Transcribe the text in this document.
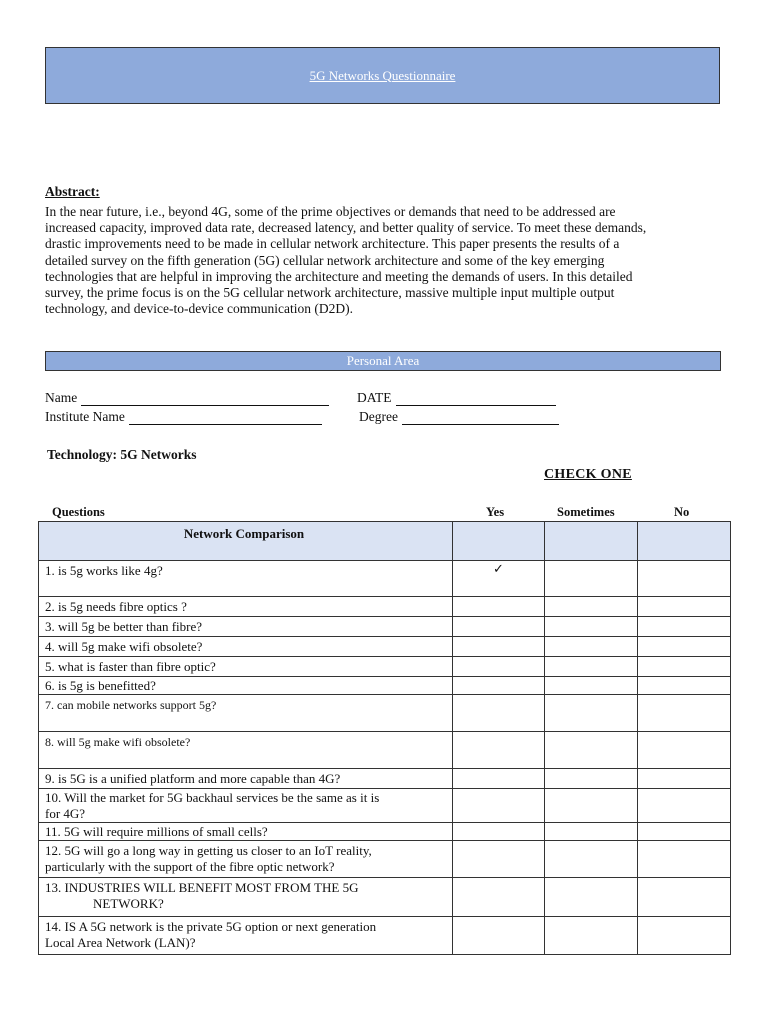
5G Networks Questionnaire
Abstract:

In the near future, i.e., beyond 4G, some of the prime objectives or demands that need to be addressed are
increased capacity, improved data rate, decreased latency, and better quality of service. To meet these demands,
drastic improvements need to be made in cellular network architecture. This paper presents the results of a
detailed survey on the fifth generation (5G) cellular network architecture and some of the key emerging
technologies that are helpful in improving the architecture and meeting the demands of users. In this detailed
survey, the prime focus is on the 5G cellular network architecture, massive multiple input multiple output
technology, and device-to-device communication (D2D).

Personal Area
Name	DATE
Institute Name	Degree
Technology: 5G Networks
CHECK ONE
Questions	Yes	Sometimes	No
Network Comparison			
1. is 5g works like 4g?	✓		
2. is 5g needs fibre optics ?			
3. will 5g be better than fibre?			
4. will 5g make wifi obsolete?			
5. what is faster than fibre optic?			
6. is 5g is benefitted?			
7. can mobile networks support 5g?			
8. will 5g make wifi obsolete?			
9. is 5G is a unified platform and more capable than 4G?			
10. Will the market for 5G backhaul services be the same as it is
for 4G?			
11. 5G will require millions of small cells?			
12. 5G will go a long way in getting us closer to an IoT reality,
particularly with the support of the fibre optic network?			
13. INDUSTRIES WILL BENEFIT MOST FROM THE 5G
NETWORK?			
14. IS A 5G network is the private 5G option or next generation
Local Area Network (LAN)?			
